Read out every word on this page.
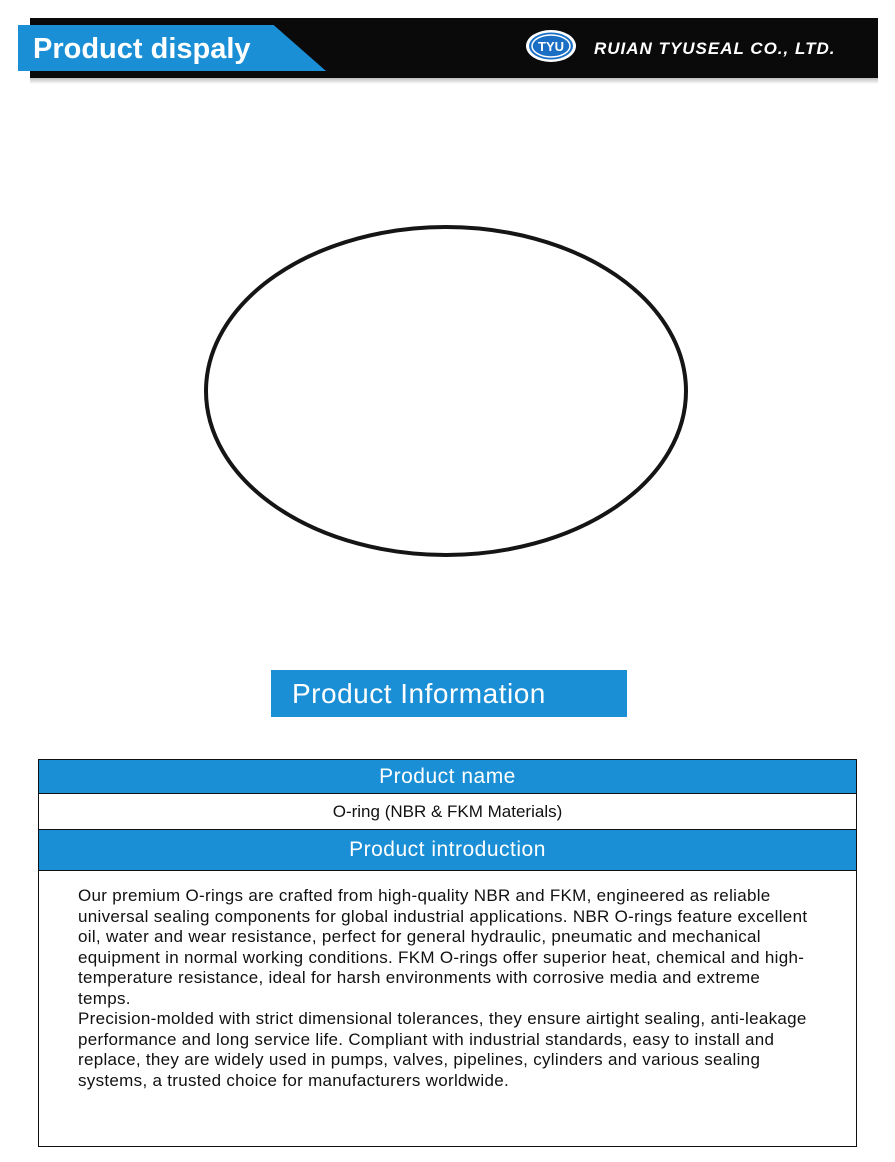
Product dispaly	TYU RUIAN TYUSEAL CO., LTD.
Product Information
Product name
O-ring (NBR & FKM Materials)
Product introduction

Our premium O-rings are crafted from high-quality NBR and FKM, engineered as reliable universal sealing components for global industrial applications. NBR O-rings feature excellent oil, water and wear resistance, perfect for general hydraulic, pneumatic and mechanical equipment in normal working conditions. FKM O-rings offer superior heat, chemical and high-temperature resistance, ideal for harsh environments with corrosive media and extreme temps.

Precision-molded with strict dimensional tolerances, they ensure airtight sealing, anti-leakage performance and long service life. Compliant with industrial standards, easy to install and replace, they are widely used in pumps, valves, pipelines, cylinders and various sealing systems, a trusted choice for manufacturers worldwide.
